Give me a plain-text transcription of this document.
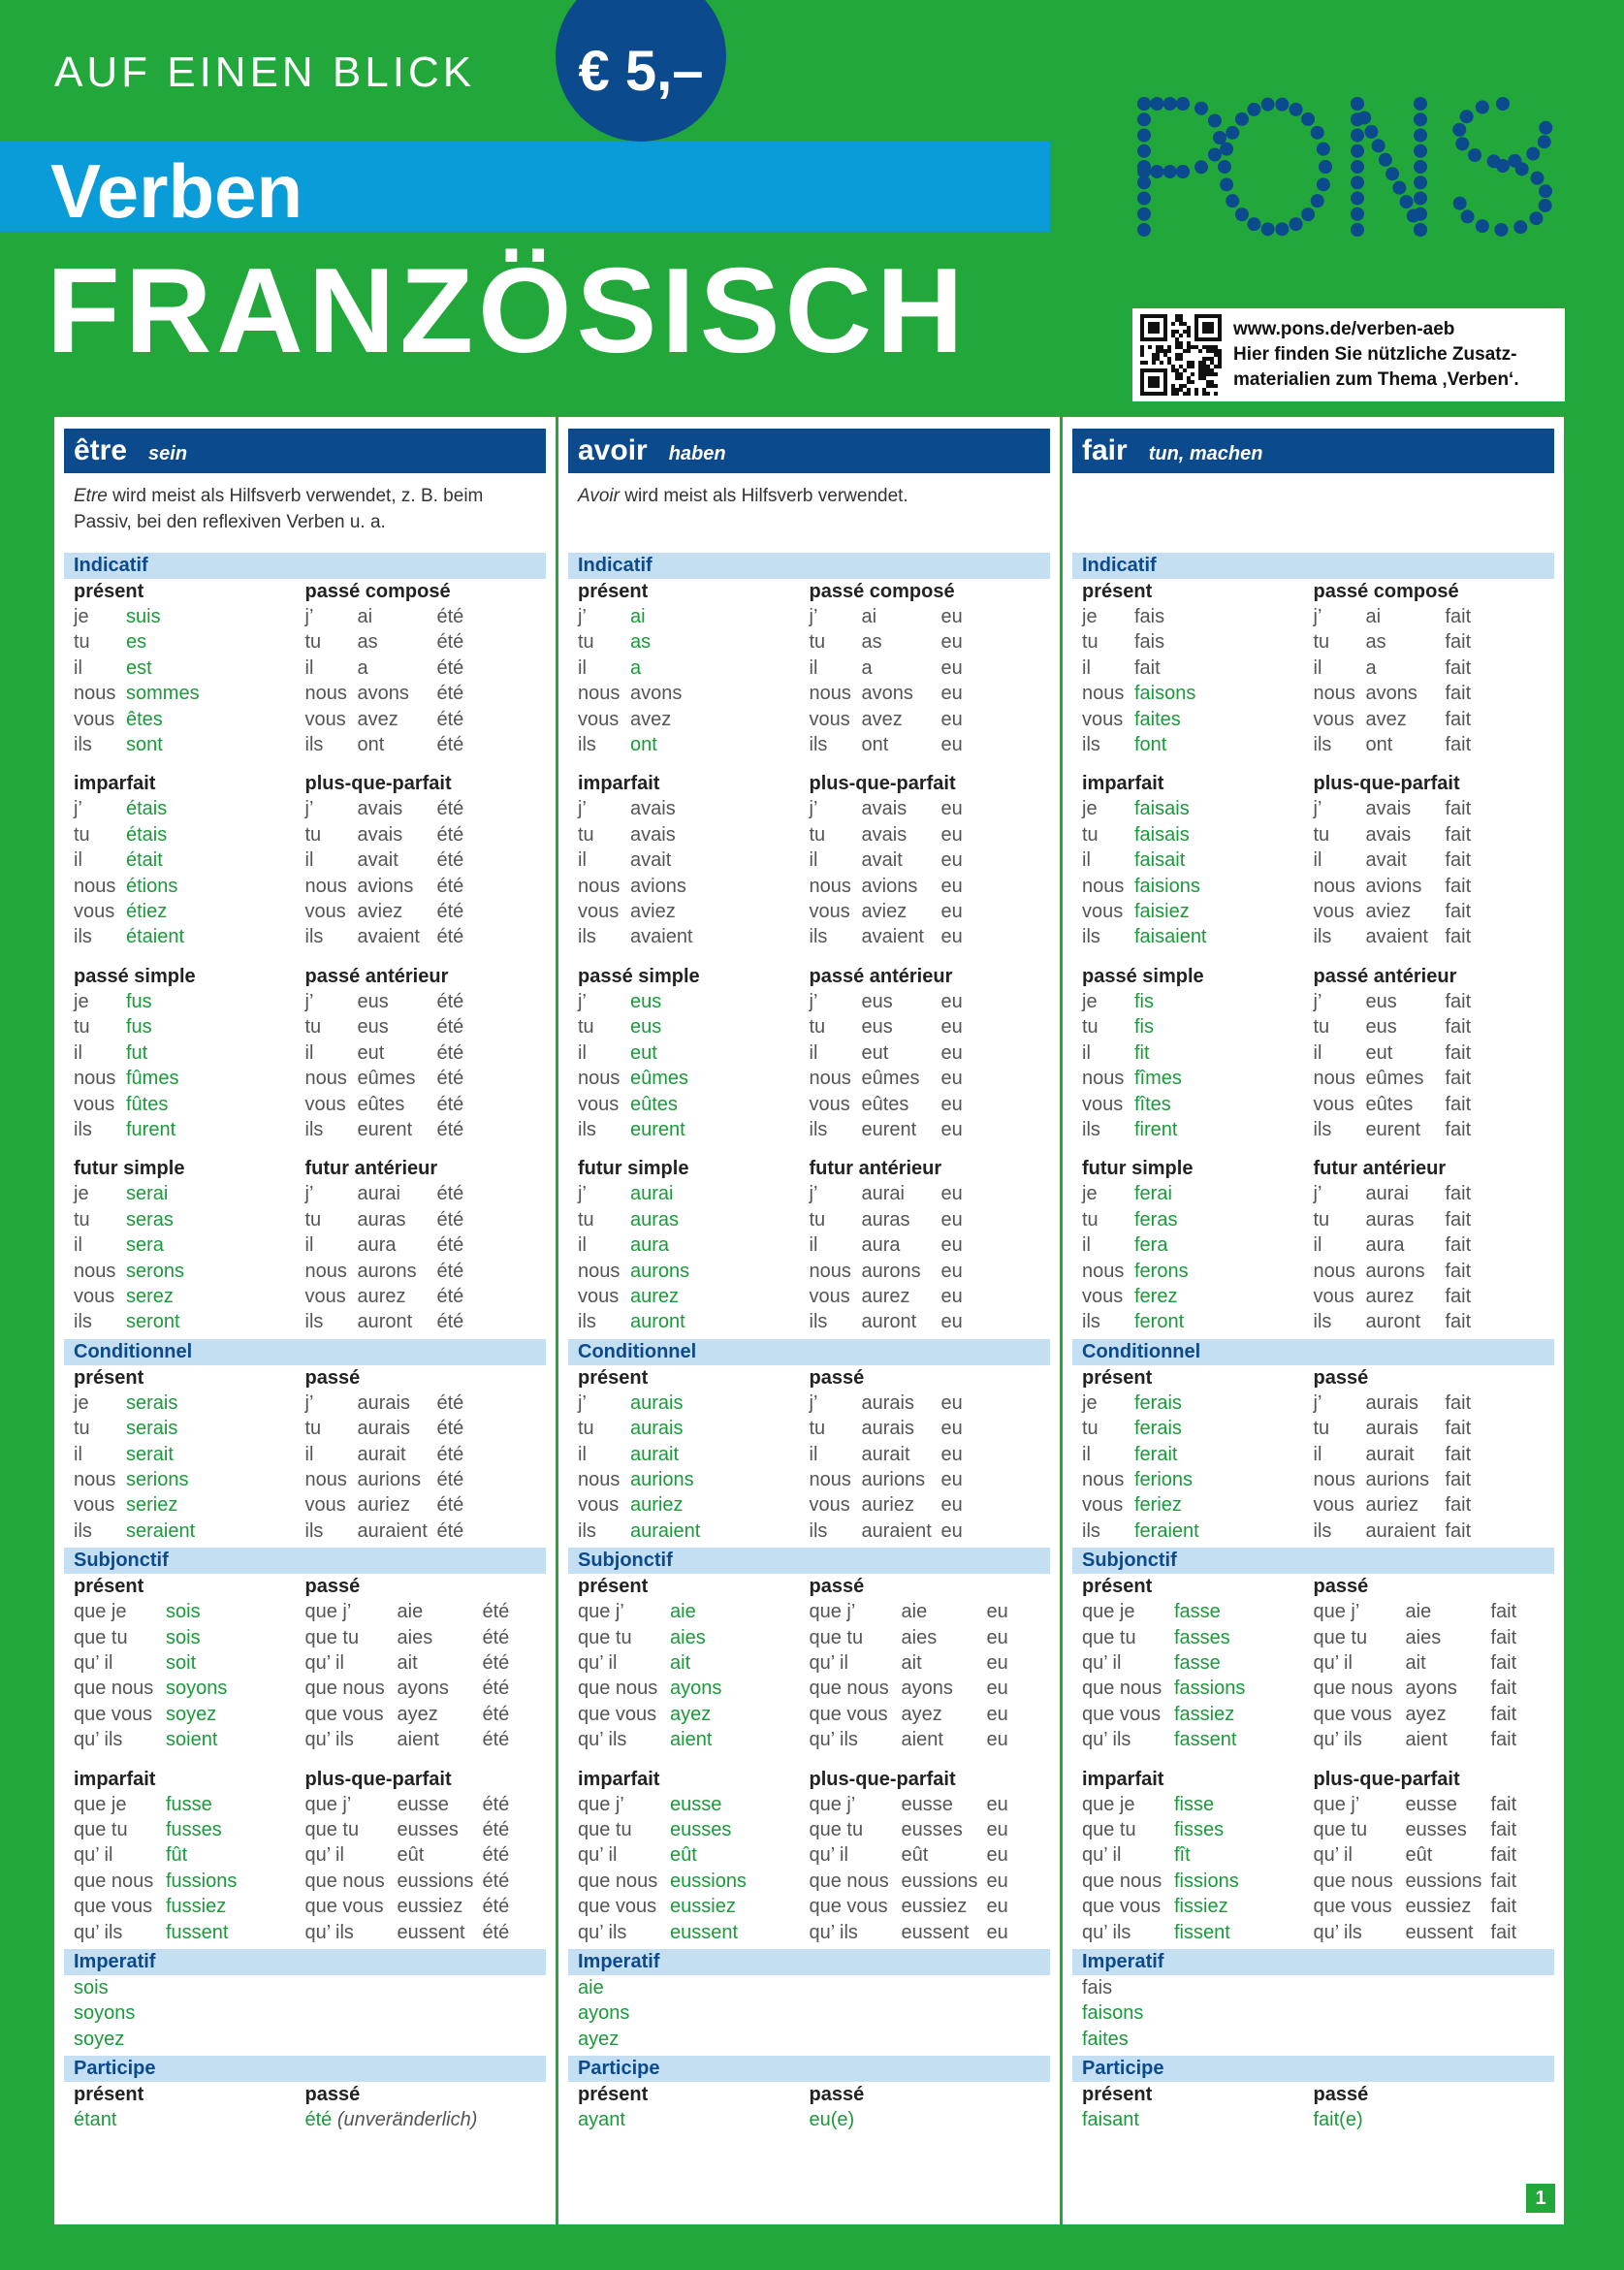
AUF EINEN BLICK
Verben
€ 5,–
FRANZÖSISCH	www.pons.de/verben-aeb
Hier finden Sie nützliche Zusatz-
materialien zum Thema ‚Verben‘.
être sein
Etre wird meist als Hilfsverb verwendet, z. B. beim Passiv, bei den reflexiven Verben u. a.
Indicatif
présent
je	suis
tu	es
il	est
nous sommes
vous êtes
ils	sont
passé composé
j’	ai	été
tu	as	été
il	a	été
nous avons	été
vous avez	été
ils	ont	été
imparfait
j’	étais
tu	étais
il	était
nous étions
vous étiez
ils	étaient
plus-que-parfait
j’	avais	été
tu	avais	été
il	avait	été
nous avions	été
vous aviez	été
ils	avaient été
passé simple
je	fus
tu	fus
il	fut
nous fûmes
vous fûtes
ils	furent
passé antérieur
j’	eus	été
tu	eus	été
il	eut	été
nous eûmes	été
vous eûtes	été
ils	eurent	été
futur simple
je	serai
tu	seras
il	sera
nous serons
vous serez
ils	seront
futur antérieur
j’	aurai	été
tu	auras	été
il	aura	été
nous aurons	été
vous aurez	été
ils	auront	été
Conditionnel
présent
je	serais
tu	serais
il	serait
nous serions
vous seriez
ils	seraient
passé
j’	aurais	été
tu	aurais	été
il	aurait	été
nous aurions été
vous auriez	été
ils	auraient été
Subjonctif
présent
que je	sois
que tu	sois
qu’ il	soit
que nous soyons
que vous soyez
qu’ ils	soient
passé
que j’	aie	été
que tu	aies	été
qu’ il	ait	été
que nous ayons	été
que vous ayez	été
qu’ ils	aient	été
imparfait
que je	fusse
que tu	fusses
qu’ il	fût
que nous fussions
que vous fussiez
qu’ ils	fussent
plus-que-parfait
que j’	eusse	été
que tu	eusses	été
qu’ il	eût	été
que nous eussions été
que vous eussiez	été
qu’ ils	eussent été
Imperatif
sois
soyons
soyez
Participe
présent
étant
passé
été (unveränderlich)
avoir haben
Avoir wird meist als Hilfsverb verwendet.
Indicatif
présent
j’	ai
tu	as
il	a
nous avons
vous avez
ils	ont
passé composé
j’	ai	eu
tu	as	eu
il	a	eu
nous avons	eu
vous avez	eu
ils	ont	eu
imparfait
j’	avais
tu	avais
il	avait
nous avions
vous aviez
ils	avaient
plus-que-parfait
j’	avais	eu
tu	avais	eu
il	avait	eu
nous avions	eu
vous aviez	eu
ils	avaient eu
passé simple
j’	eus
tu	eus
il	eut
nous eûmes
vous eûtes
ils	eurent
passé antérieur
j’	eus	eu
tu	eus	eu
il	eut	eu
nous eûmes	eu
vous eûtes	eu
ils	eurent	eu
futur simple
j’	aurai
tu	auras
il	aura
nous aurons
vous aurez
ils	auront
futur antérieur
j’	aurai	eu
tu	auras	eu
il	aura	eu
nous aurons	eu
vous aurez	eu
ils	auront	eu
Conditionnel
présent
j’	aurais
tu	aurais
il	aurait
nous aurions
vous auriez
ils	auraient
passé
j’	aurais	eu
tu	aurais	eu
il	aurait	eu
nous aurions eu
vous auriez	eu
ils	auraient eu
Subjonctif
présent
que j’	aie
que tu	aies
qu’ il	ait
que nous ayons
que vous ayez
qu’ ils	aient
passé
que j’	aie	eu
que tu	aies	eu
qu’ il	ait	eu
que nous ayons	eu
que vous ayez	eu
qu’ ils	aient	eu
imparfait
que j’	eusse
que tu	eusses
qu’ il	eût
que nous eussions
que vous eussiez
qu’ ils	eussent
plus-que-parfait
que j’	eusse	eu
que tu	eusses	eu
qu’ il	eût	eu
que nous eussions eu
que vous eussiez	eu
qu’ ils	eussent eu
Imperatif
aie
ayons
ayez
Participe
présent
ayant
passé
eu(e)
fair tun, machen
Indicatif
présent
je	fais
tu	fais
il	fait
nous faisons
vous faites
ils	font
passé composé
j’	ai	fait
tu	as	fait
il	a	fait
nous avons	fait
vous avez	fait
ils	ont	fait
imparfait
je	faisais
tu	faisais
il	faisait
nous faisions
vous faisiez
ils	faisaient
plus-que-parfait
j’	avais	fait
tu	avais	fait
il	avait	fait
nous avions	fait
vous aviez	fait
ils	avaient fait
passé simple
je	fis
tu	fis
il	fit
nous fîmes
vous fîtes
ils	firent
passé antérieur
j’	eus	fait
tu	eus	fait
il	eut	fait
nous eûmes	fait
vous eûtes	fait
ils	eurent	fait
futur simple
je	ferai
tu	feras
il	fera
nous ferons
vous ferez
ils	feront
futur antérieur
j’	aurai	fait
tu	auras	fait
il	aura	fait
nous aurons	fait
vous aurez	fait
ils	auront	fait
Conditionnel
présent
je	ferais
tu	ferais
il	ferait
nous ferions
vous feriez
ils	feraient
passé
j’	aurais	fait
tu	aurais	fait
il	aurait	fait
nous aurions fait
vous auriez	fait
ils	auraient fait
Subjonctif
présent
que je	fasse
que tu	fasses
qu’ il	fasse
que nous fassions
que vous fassiez
qu’ ils	fassent
passé
que j’	aie	fait
que tu	aies	fait
qu’ il	ait	fait
que nous ayons	fait
que vous ayez	fait
qu’ ils	aient	fait
imparfait
que je	fisse
que tu	fisses
qu’ il	fît
que nous fissions
que vous fissiez
qu’ ils	fissent
plus-que-parfait
que j’	eusse	fait
que tu	eusses	fait
qu’ il	eût	fait
que nous eussions fait
que vous eussiez	fait
qu’ ils	eussent fait
Imperatif
fais
faisons
faites
Participe
présent
faisant
passé
fait(e)
1
